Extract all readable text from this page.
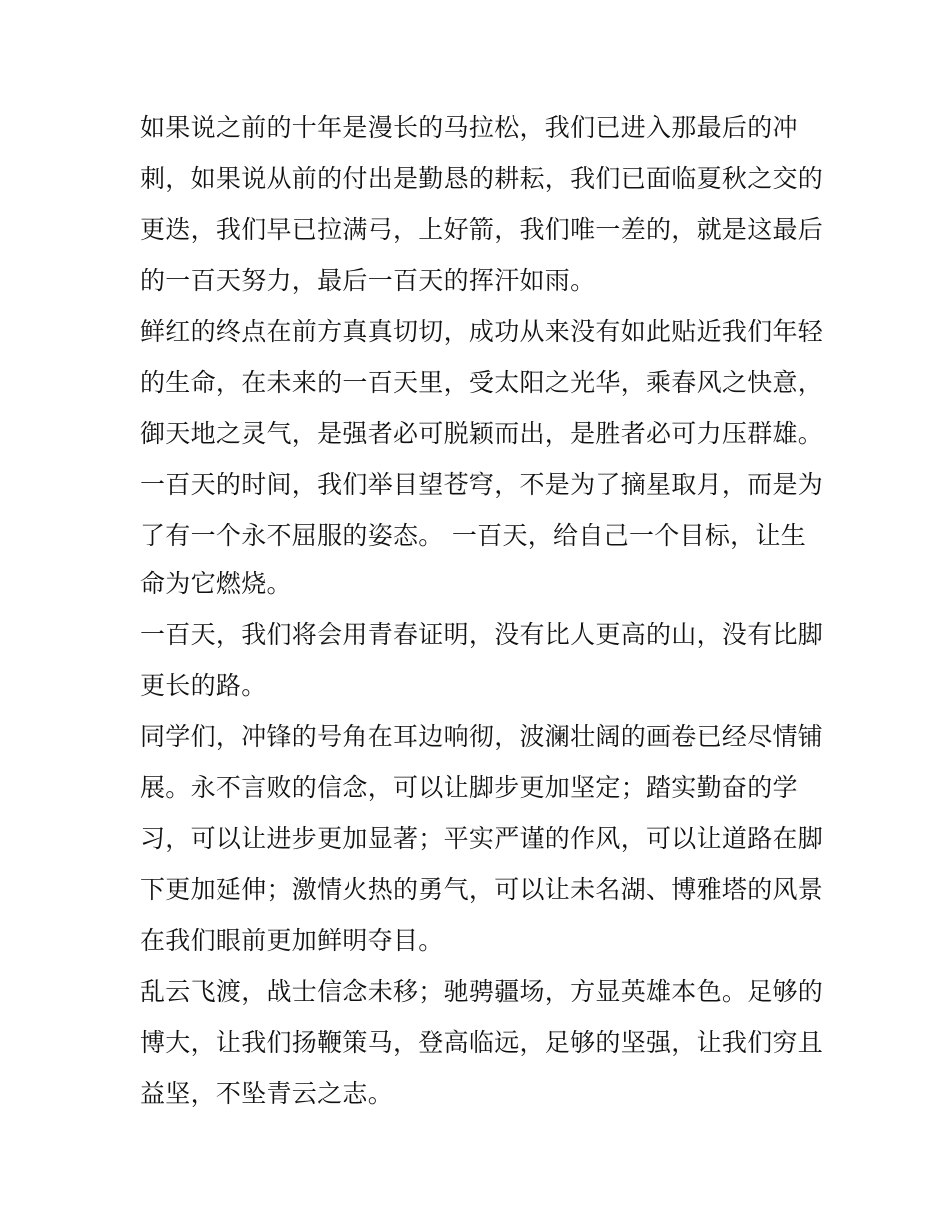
如果说之前的十年是漫长的马拉松，我们已进入那最后的冲

刺，如果说从前的付出是勤恳的耕耘，我们已面临夏秋之交的

更迭，我们早已拉满弓，上好箭，我们唯一差的，就是这最后

的一百天努力，最后一百天的挥汗如雨。

鲜红的终点在前方真真切切，成功从来没有如此贴近我们年轻

的生命，在未来的一百天里，受太阳之光华，乘春风之快意，

御天地之灵气，是强者必可脱颖而出，是胜者必可力压群雄。

一百天的时间，我们举目望苍穹，不是为了摘星取月，而是为

了有一个永不屈服的姿态。 一百天，给自己一个目标，让生

命为它燃烧。

一百天，我们将会用青春证明，没有比人更高的山，没有比脚

更长的路。

同学们，冲锋的号角在耳边响彻，波澜壮阔的画卷已经尽情铺

展。永不言败的信念，可以让脚步更加坚定；踏实勤奋的学

习，可以让进步更加显著；平实严谨的作风，可以让道路在脚

下更加延伸；激情火热的勇气，可以让未名湖、博雅塔的风景

在我们眼前更加鲜明夺目。

乱云飞渡，战士信念未移；驰骋疆场，方显英雄本色。足够的

博大，让我们扬鞭策马，登高临远，足够的坚强，让我们穷且

益坚，不坠青云之志。
